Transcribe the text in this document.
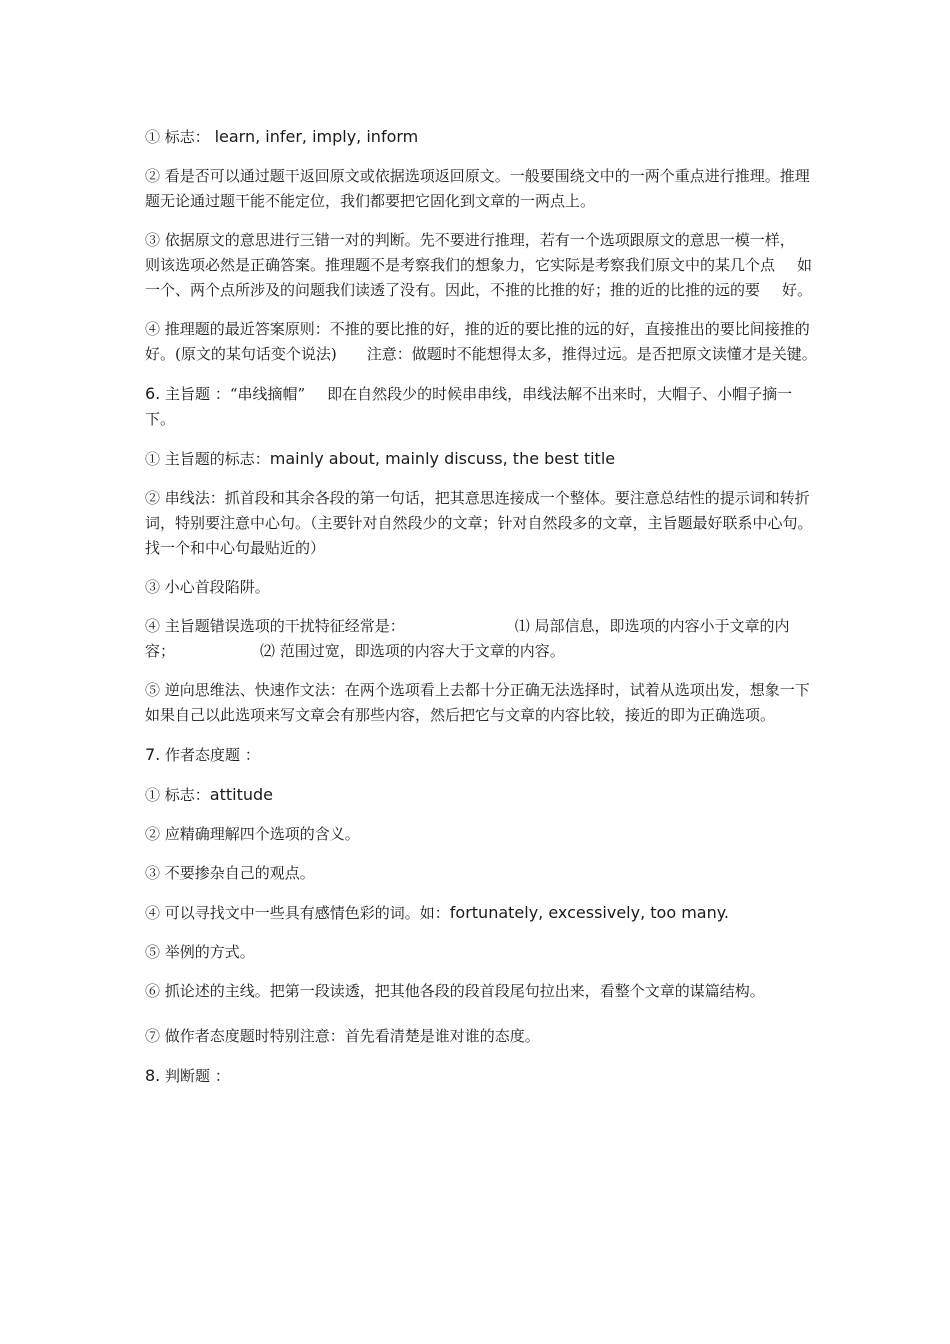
① 标志： learn, infer, imply, inform

② 看是否可以通过题干返回原文或依据选项返回原文。一般要围绕文中的一两个重点进行推理。推理题无论通过题干能不能定位，我们都要把它固化到文章的一两点上。

③ 依据原文的意思进行三错一对的判断。先不要进行推理，若有一个选项跟原文的意思一模一样，则该选项必然是正确答案。推理题不是考察我们的想象力，它实际是考察我们原文中的某几个点 如一个、两个点所涉及的问题我们读透了没有。因此，不推的比推的好；推的近的比推的远的要 好。

④ 推理题的最近答案原则：不推的要比推的好，推的近的要比推的远的好，直接推出的要比间接推的好。(原文的某句话变个说法) 注意：做题时不能想得太多，推得过远。是否把原文读懂才是关键。

6. 主旨题 ：“串线摘帽” 即在自然段少的时候串串线，串线法解不出来时，大帽子、小帽子摘一下。

① 主旨题的标志：mainly about, mainly discuss, the best title

② 串线法：抓首段和其余各段的第一句话，把其意思连接成一个整体。要注意总结性的提示词和转折词，特别要注意中心句。（主要针对自然段少的文章；针对自然段多的文章，主旨题最好联系中心句。找一个和中心句最贴近的）

③ 小心首段陷阱。

④ 主旨题错误选项的干扰特征经常是：	⑴ 局部信息，即选项的内容小于文章的内容；	⑵ 范围过宽，即选项的内容大于文章的内容。

⑤ 逆向思维法、快速作文法：在两个选项看上去都十分正确无法选择时，试着从选项出发，想象一下如果自己以此选项来写文章会有那些内容，然后把它与文章的内容比较，接近的即为正确选项。

7. 作者态度题 ：

① 标志：attitude

② 应精确理解四个选项的含义。

③ 不要掺杂自己的观点。

④ 可以寻找文中一些具有感情色彩的词。如：fortunately, excessively, too many.

⑤ 举例的方式。

⑥ 抓论述的主线。把第一段读透，把其他各段的段首段尾句拉出来，看整个文章的谋篇结构。

⑦ 做作者态度题时特别注意：首先看清楚是谁对谁的态度。

8. 判断题 ：
